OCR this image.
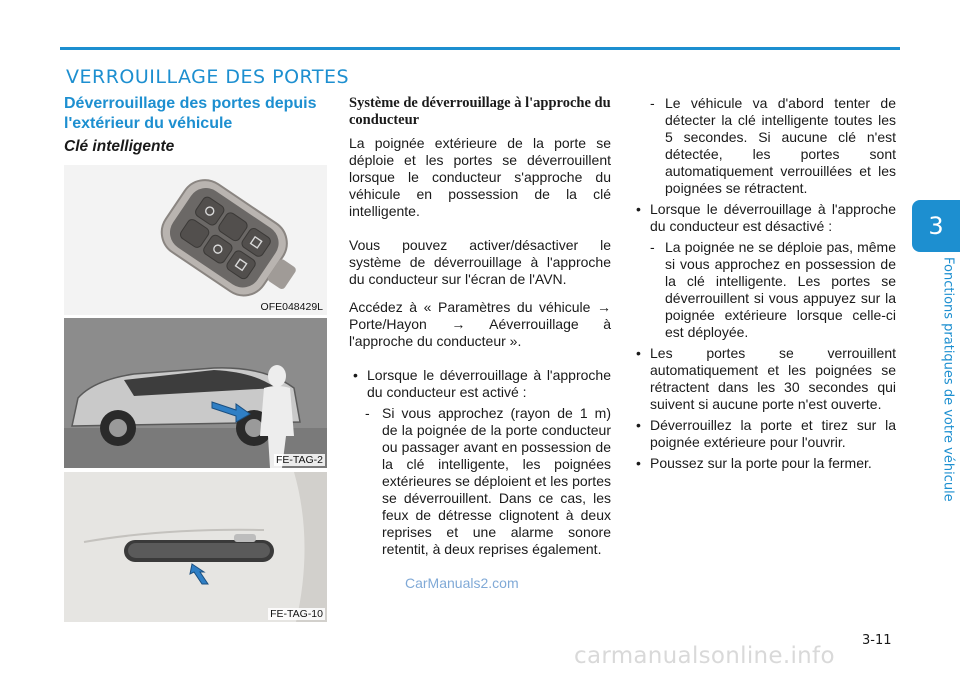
VERROUILLAGE DES PORTES
3
Fonctions pratiques de votre véhicule
Déverrouillage des portes depuis l'extérieur du véhicule
Clé intelligente
OFE048429L
FE-TAG-2
FE-TAG-10
Système de déverrouillage à l'approche du conducteur
La poignée extérieure de la porte se déploie et les portes se déverrouillent lorsque le conducteur s'approche du véhicule en possession de la clé intelligente.
Vous pouvez activer/désactiver le système de déverrouillage à l'approche du conducteur sur l'écran de l'AVN.
Accédez à « Paramètres du véhicule → Porte/Hayon → Aéverrouillage à l'approche du conducteur ».
• Lorsque le déverrouillage à l'approche du conducteur est activé :
- Si vous approchez (rayon de 1 m) de la poignée de la porte conducteur ou passager avant en possession de la clé intelligente, les poignées extérieures se déploient et les portes se déverrouillent. Dans ce cas, les feux de détresse clignotent à deux reprises et une alarme sonore retentit, à deux reprises également.
- Le véhicule va d'abord tenter de détecter la clé intelligente toutes les 5 secondes. Si aucune clé n'est détectée, les portes sont automatiquement verrouillées et les poignées se rétractent.
• Lorsque le déverrouillage à l'approche du conducteur est désactivé :
- La poignée ne se déploie pas, même si vous approchez en possession de la clé intelligente. Les portes se déverrouillent si vous appuyez sur la poignée extérieure lorsque celle-ci est déployée.
• Les portes se verrouillent automatiquement et les poignées se rétractent dans les 30 secondes qui suivent si aucune porte n'est ouverte.
• Déverrouillez la porte et tirez sur la poignée extérieure pour l'ouvrir.
• Poussez sur la porte pour la fermer.
3-11
CarManuals2.com
carmanualsonline.info
